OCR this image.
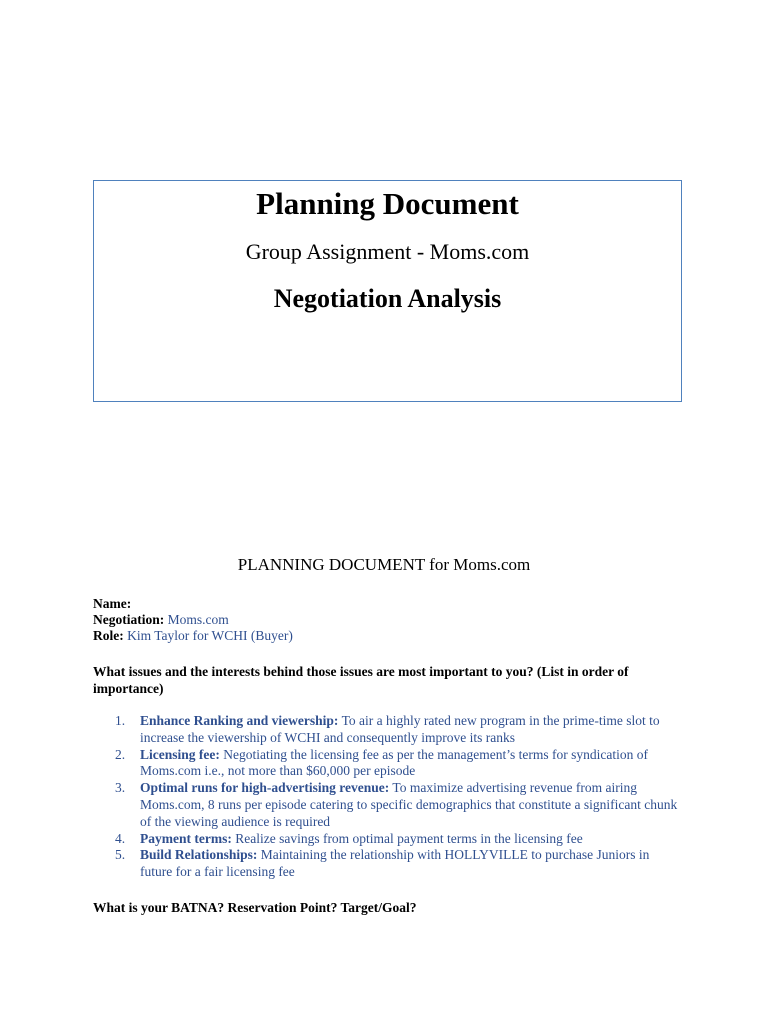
Planning Document
Group Assignment - Moms.com
Negotiation Analysis
PLANNING DOCUMENT for Moms.com
Name:
Negotiation: Moms.com
Role: Kim Taylor for WCHI (Buyer)
What issues and the interests behind those issues are most important to you? (List in order of importance)
1. Enhance Ranking and viewership: To air a highly rated new program in the prime-time slot to increase the viewership of WCHI and consequently improve its ranks
2. Licensing fee: Negotiating the licensing fee as per the management’s terms for syndication of Moms.com i.e., not more than $60,000 per episode
3. Optimal runs for high-advertising revenue: To maximize advertising revenue from airing Moms.com, 8 runs per episode catering to specific demographics that constitute a significant chunk of the viewing audience is required
4. Payment terms: Realize savings from optimal payment terms in the licensing fee
5. Build Relationships: Maintaining the relationship with HOLLYVILLE to purchase Juniors in future for a fair licensing fee
What is your BATNA? Reservation Point? Target/Goal?
